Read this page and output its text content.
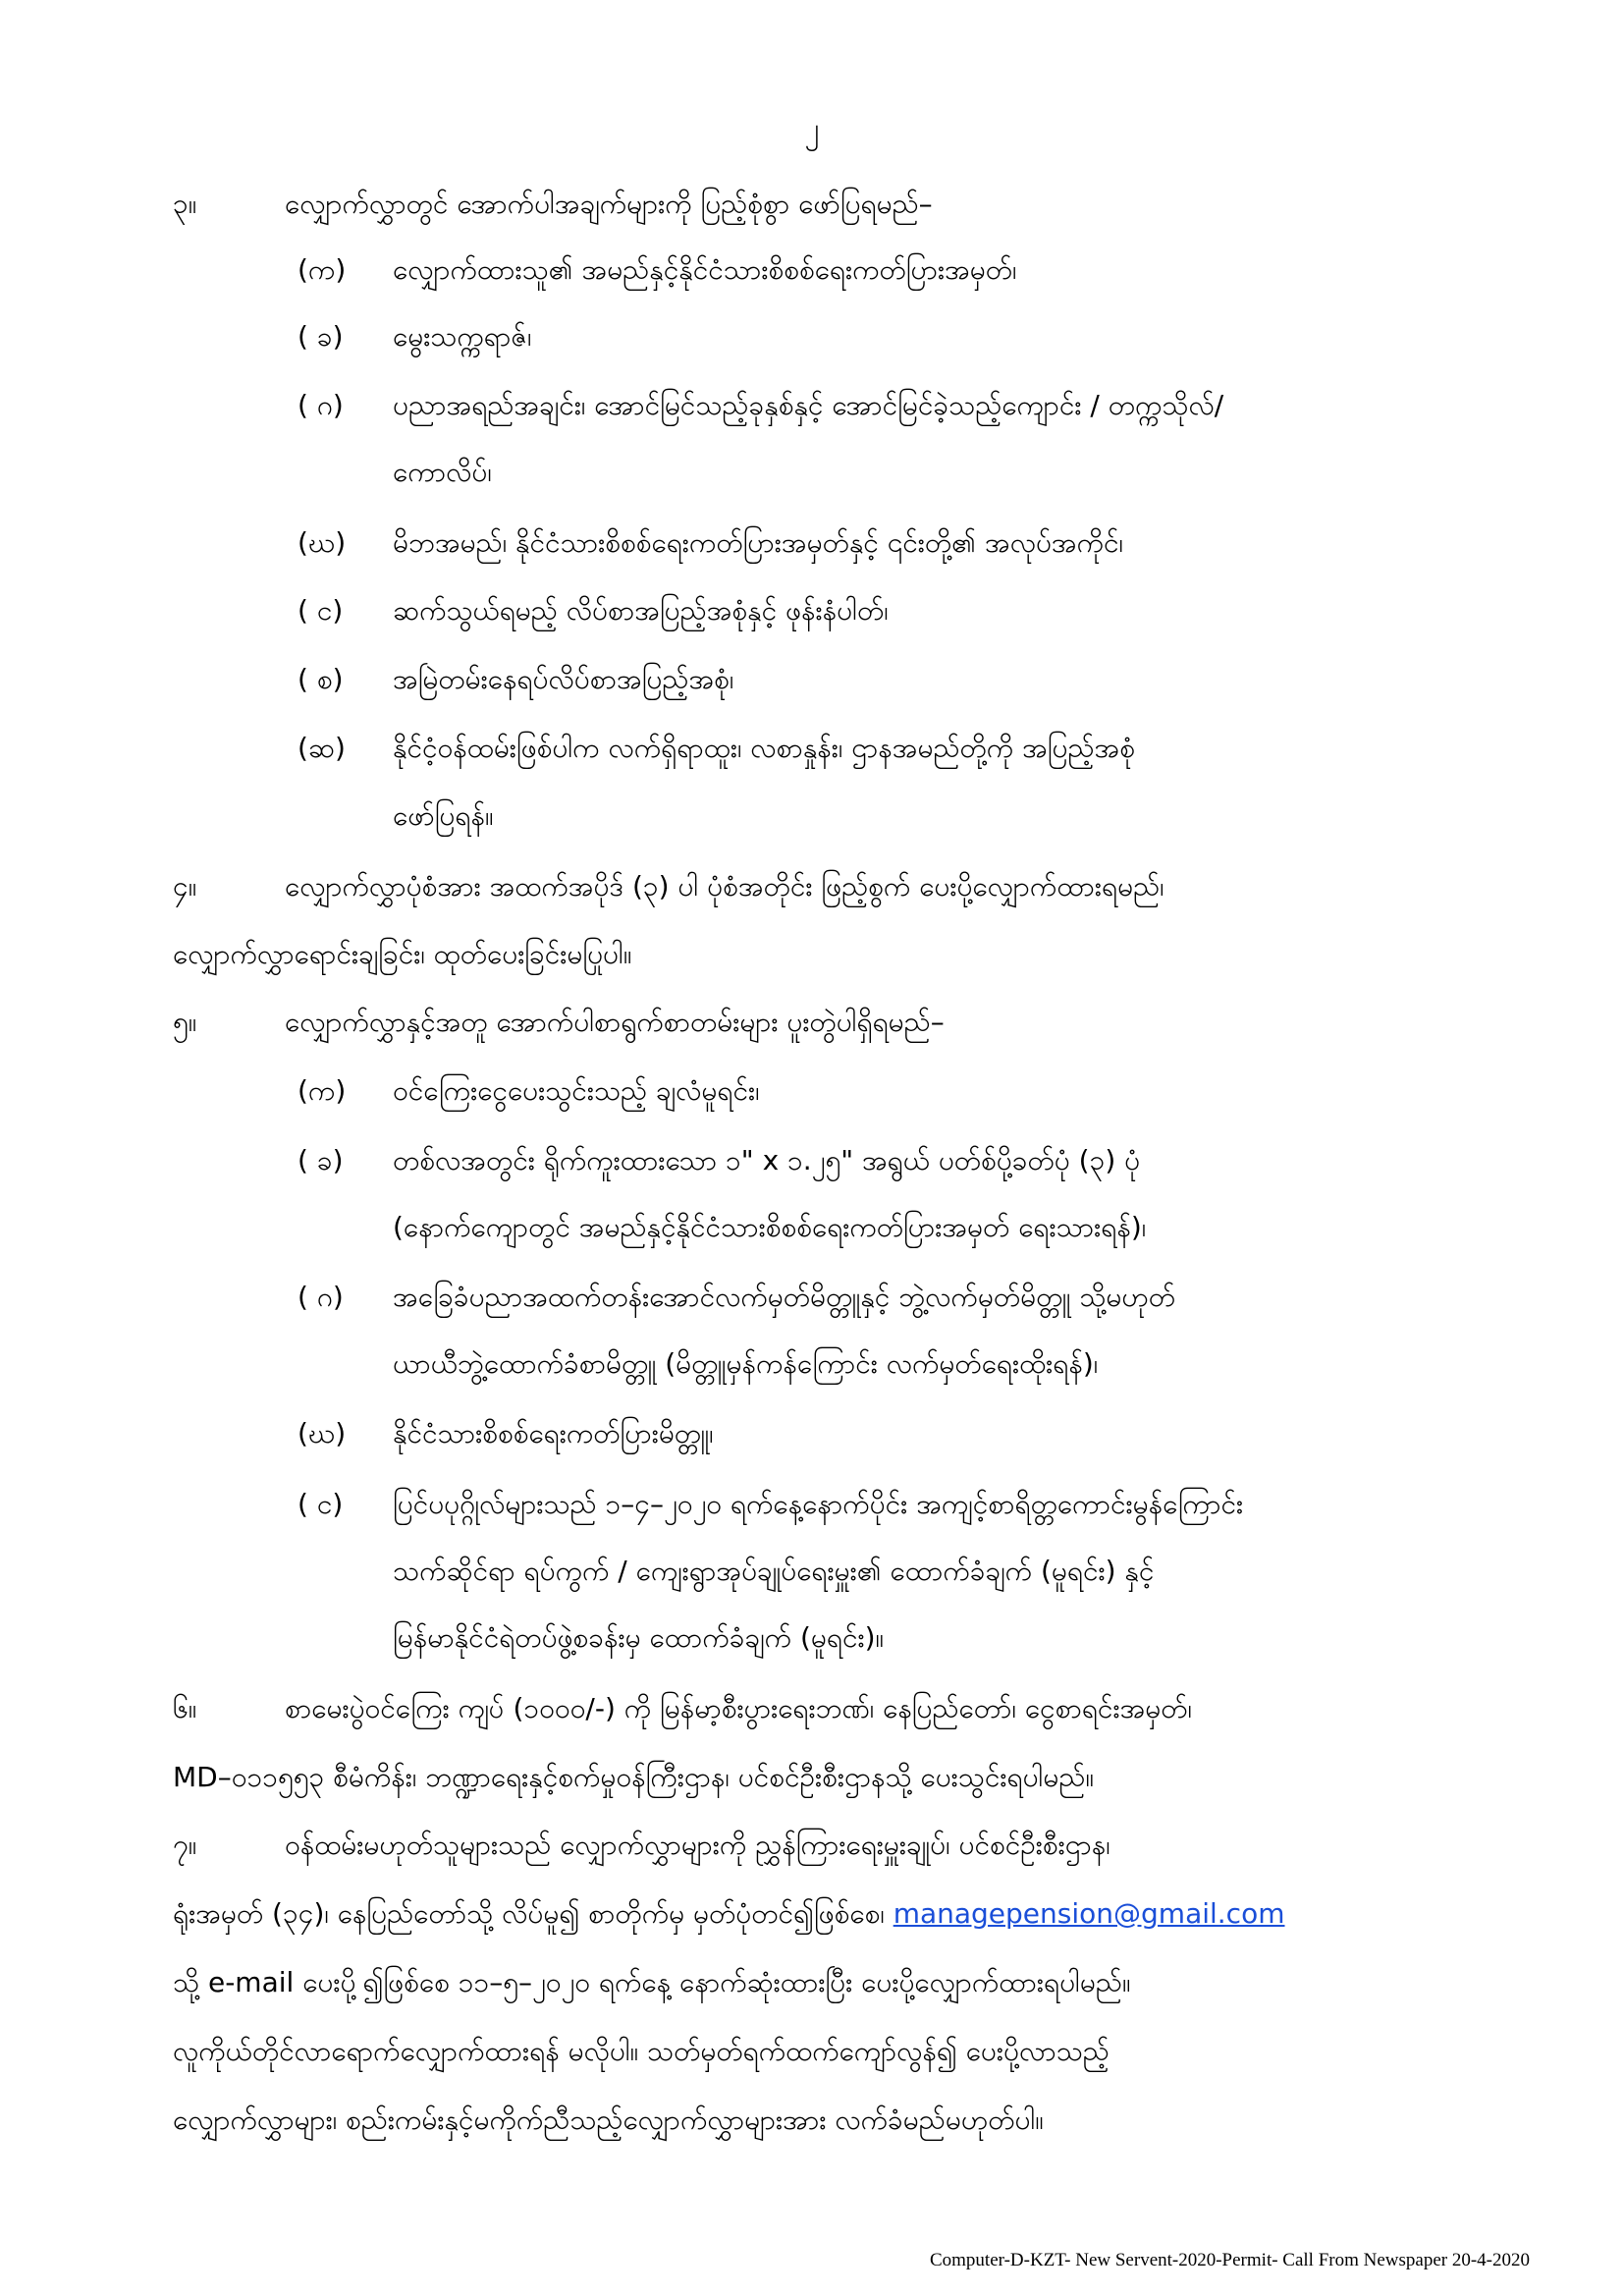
၂
၃။	လျှောက်လွှာတွင် အောက်ပါအချက်များကို ပြည့်စုံစွာ ဖော်ပြရမည်–
(က) လျှောက်ထားသူ၏ အမည်နှင့်နိုင်ငံသားစိစစ်ရေးကတ်ပြားအမှတ်၊
( ခ) မွေးသက္ကရာဇ်၊
( ဂ) ပညာအရည်အချင်း၊ အောင်မြင်သည့်ခုနှစ်နှင့် အောင်မြင်ခဲ့သည့်ကျောင်း / တက္ကသိုလ်/
ကောလိပ်၊
(ဃ) မိဘအမည်၊ နိုင်ငံသားစိစစ်ရေးကတ်ပြားအမှတ်နှင့် ၎င်းတို့၏ အလုပ်အကိုင်၊
( င) ဆက်သွယ်ရမည့် လိပ်စာအပြည့်အစုံနှင့် ဖုန်းနံပါတ်၊
( စ) အမြဲတမ်းနေရပ်လိပ်စာအပြည့်အစုံ၊
(ဆ) နိုင်ငံ့ဝန်ထမ်းဖြစ်ပါက လက်ရှိရာထူး၊ လစာနှုန်း၊ ဌာနအမည်တို့ကို အပြည့်အစုံ
ဖော်ပြရန်။
၄။	လျှောက်လွှာပုံစံအား အထက်အပိုဒ် (၃) ပါ ပုံစံအတိုင်း ဖြည့်စွက် ပေးပို့လျှောက်ထားရမည်၊
လျှောက်လွှာရောင်းချခြင်း၊ ထုတ်ပေးခြင်းမပြုပါ။
၅။	လျှောက်လွှာနှင့်အတူ အောက်ပါစာရွက်စာတမ်းများ ပူးတွဲပါရှိရမည်–
(က) ဝင်ကြေးငွေပေးသွင်းသည့် ချလံမူရင်း၊
( ခ) တစ်လအတွင်း ရိုက်ကူးထားသော ၁" x ၁.၂၅" အရွယ် ပတ်စ်ပို့ခတ်ပုံ (၃) ပုံ
(နောက်ကျောတွင် အမည်နှင့်နိုင်ငံသားစိစစ်ရေးကတ်ပြားအမှတ် ရေးသားရန်)၊
( ဂ) အခြေခံပညာအထက်တန်းအောင်လက်မှတ်မိတ္တူနှင့် ဘွဲ့လက်မှတ်မိတ္တူ သို့မဟုတ်
ယာယီဘွဲ့ထောက်ခံစာမိတ္တူ (မိတ္တူမှန်ကန်ကြောင်း လက်မှတ်ရေးထိုးရန်)၊
(ဃ) နိုင်ငံသားစိစစ်ရေးကတ်ပြားမိတ္တူ၊
( င) ပြင်ပပုဂ္ဂိုလ်များသည် ၁–၄–၂၀၂၀ ရက်နေ့နောက်ပိုင်း အကျင့်စာရိတ္တကောင်းမွန်ကြောင်း
သက်ဆိုင်ရာ ရပ်ကွက် / ကျေးရွာအုပ်ချုပ်ရေးမှူး၏ ထောက်ခံချက် (မူရင်း) နှင့်
မြန်မာနိုင်ငံရဲတပ်ဖွဲ့စခန်းမှ ထောက်ခံချက် (မူရင်း)။
၆။	စာမေးပွဲဝင်ကြေး ကျပ် (၁၀၀၀/-) ကို မြန်မာ့စီးပွားရေးဘဏ်၊ နေပြည်တော်၊ ငွေစာရင်းအမှတ်၊
MD–၀၁၁၅၅၃ စီမံကိန်း၊ ဘဏ္ဍာရေးနှင့်စက်မှုဝန်ကြီးဌာန၊ ပင်စင်ဦးစီးဌာနသို့ ပေးသွင်းရပါမည်။
၇။	ဝန်ထမ်းမဟုတ်သူများသည် လျှောက်လွှာများကို ညွှန်ကြားရေးမှူးချုပ်၊ ပင်စင်ဦးစီးဌာန၊
ရုံးအမှတ် (၃၄)၊ နေပြည်တော်သို့ လိပ်မူ၍ စာတိုက်မှ မှတ်ပုံတင်၍ဖြစ်စေ၊ managepension@gmail.com
သို့ e-mail ပေးပို့၍ဖြစ်စေ ၁၁–၅–၂၀၂၀ ရက်နေ့ နောက်ဆုံးထားပြီး ပေးပို့လျှောက်ထားရပါမည်။
လူကိုယ်တိုင်လာရောက်လျှောက်ထားရန် မလိုပါ။ သတ်မှတ်ရက်ထက်ကျော်လွန်၍ ပေးပို့လာသည့်
လျှောက်လွှာများ၊ စည်းကမ်းနှင့်မကိုက်ညီသည့်လျှောက်လွှာများအား လက်ခံမည်မဟုတ်ပါ။
Computer-D-KZT- New Servent-2020-Permit- Call From Newspaper 20-4-2020
